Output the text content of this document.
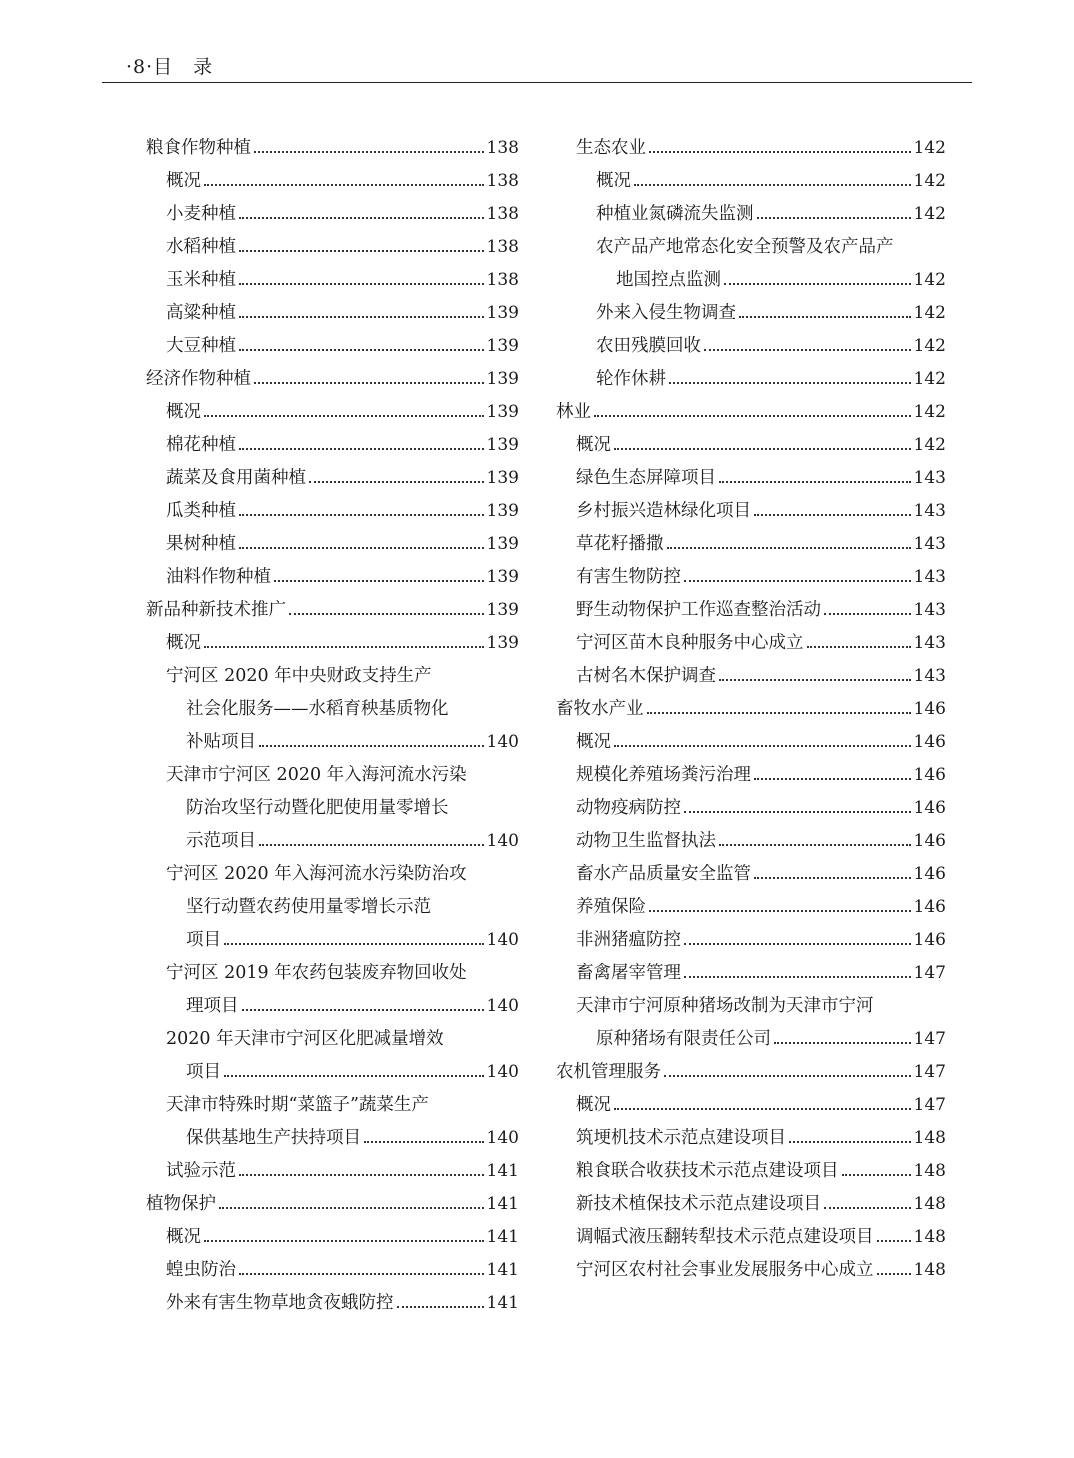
·8·目　录
粮食作物种植	138
概况	138
小麦种植	138
水稻种植	138
玉米种植	138
高粱种植	139
大豆种植	139
经济作物种植	139
概况	139
棉花种植	139
蔬菜及食用菌种植	139
瓜类种植	139
果树种植	139
油料作物种植	139
新品种新技术推广	139
概况	139
宁河区 2020 年中央财政支持生产
社会化服务——水稻育秧基质物化
补贴项目	140
天津市宁河区 2020 年入海河流水污染
防治攻坚行动暨化肥使用量零增长
示范项目	140
宁河区 2020 年入海河流水污染防治攻
坚行动暨农药使用量零增长示范
项目	140
宁河区 2019 年农药包装废弃物回收处
理项目	140
2020 年天津市宁河区化肥减量增效
项目	140
天津市特殊时期“菜篮子”蔬菜生产
保供基地生产扶持项目	140
试验示范	141
植物保护	141
概况	141
蝗虫防治	141
外来有害生物草地贪夜蛾防控	141
生态农业	142
概况	142
种植业氮磷流失监测	142
农产品产地常态化安全预警及农产品产
地国控点监测	142
外来入侵生物调查	142
农田残膜回收	142
轮作休耕	142
林业	142
概况	142
绿色生态屏障项目	143
乡村振兴造林绿化项目	143
草花籽播撒	143
有害生物防控	143
野生动物保护工作巡查整治活动	143
宁河区苗木良种服务中心成立	143
古树名木保护调查	143
畜牧水产业	146
概况	146
规模化养殖场粪污治理	146
动物疫病防控	146
动物卫生监督执法	146
畜水产品质量安全监管	146
养殖保险	146
非洲猪瘟防控	146
畜禽屠宰管理	147
天津市宁河原种猪场改制为天津市宁河
原种猪场有限责任公司	147
农机管理服务	147
概况	147
筑埂机技术示范点建设项目	148
粮食联合收获技术示范点建设项目	148
新技术植保技术示范点建设项目	148
调幅式液压翻转犁技术示范点建设项目 148
宁河区农村社会事业发展服务中心成立 148
